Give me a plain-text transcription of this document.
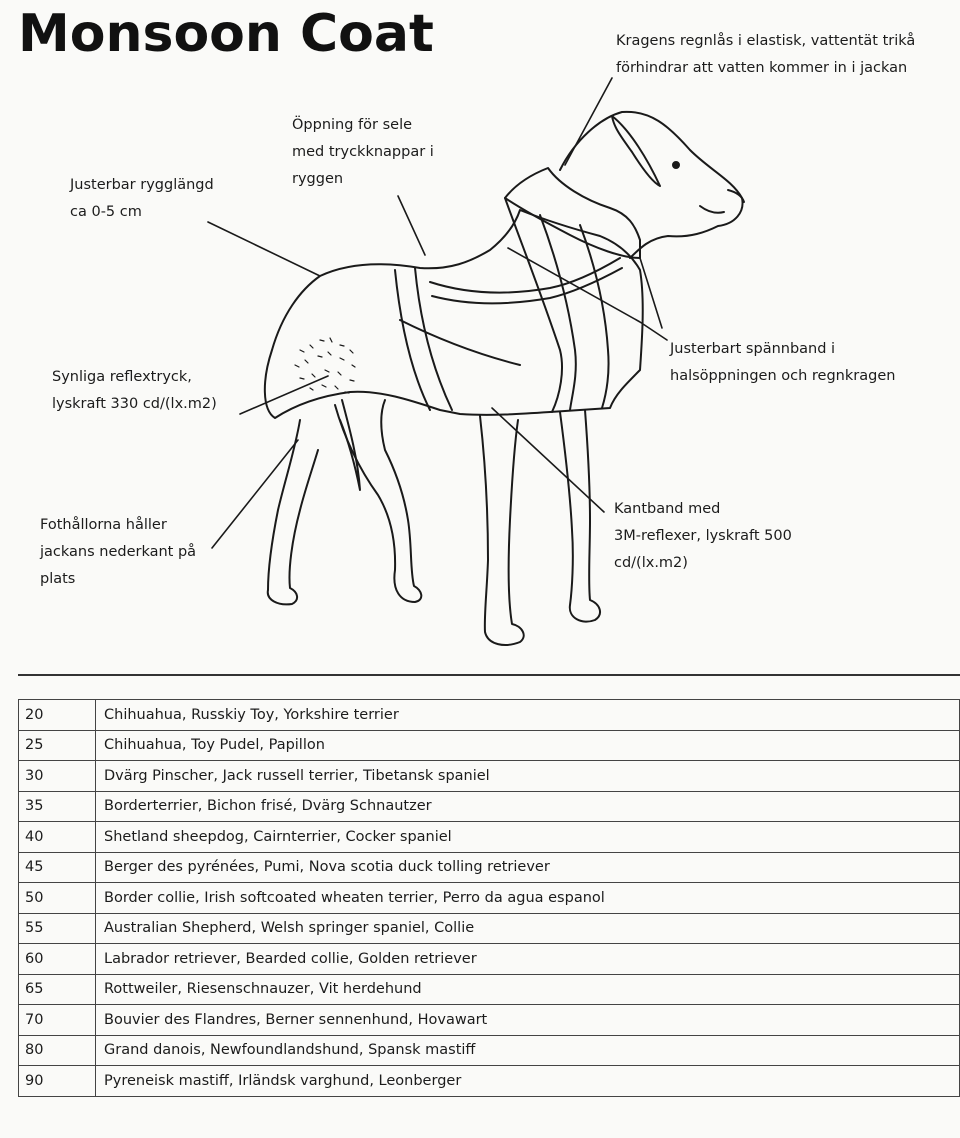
Monsoon Coat	Kragens regnlås i elastisk, vattentät trikå
förhindrar att vatten kommer in i jackan
Öppning för sele
med tryckknappar i
ryggen
Justerbar rygglängd
ca 0-5 cm
Justerbart spännband i
halsöppningen och regnkragen
Synliga reflextryck,
lyskraft 330 cd/(lx.m2)
Kantband med
3M-reflexer, lyskraft 500
cd/(lx.m2)
Fothållorna håller
jackans nederkant på
plats
20	Chihuahua, Russkiy Toy, Yorkshire terrier
25	Chihuahua, Toy Pudel, Papillon
30	Dvärg Pinscher, Jack russell terrier, Tibetansk spaniel
35	Borderterrier, Bichon frisé, Dvärg Schnautzer
40	Shetland sheepdog, Cairnterrier, Cocker spaniel
45	Berger des pyrénées, Pumi, Nova scotia duck tolling retriever
50	Border collie, Irish softcoated wheaten terrier, Perro da agua espanol
55	Australian Shepherd, Welsh springer spaniel, Collie
60	Labrador retriever, Bearded collie, Golden retriever
65	Rottweiler, Riesenschnauzer, Vit herdehund
70	Bouvier des Flandres, Berner sennenhund, Hovawart
80	Grand danois, Newfoundlandshund, Spansk mastiff
90	Pyreneisk mastiff, Irländsk varghund, Leonberger
